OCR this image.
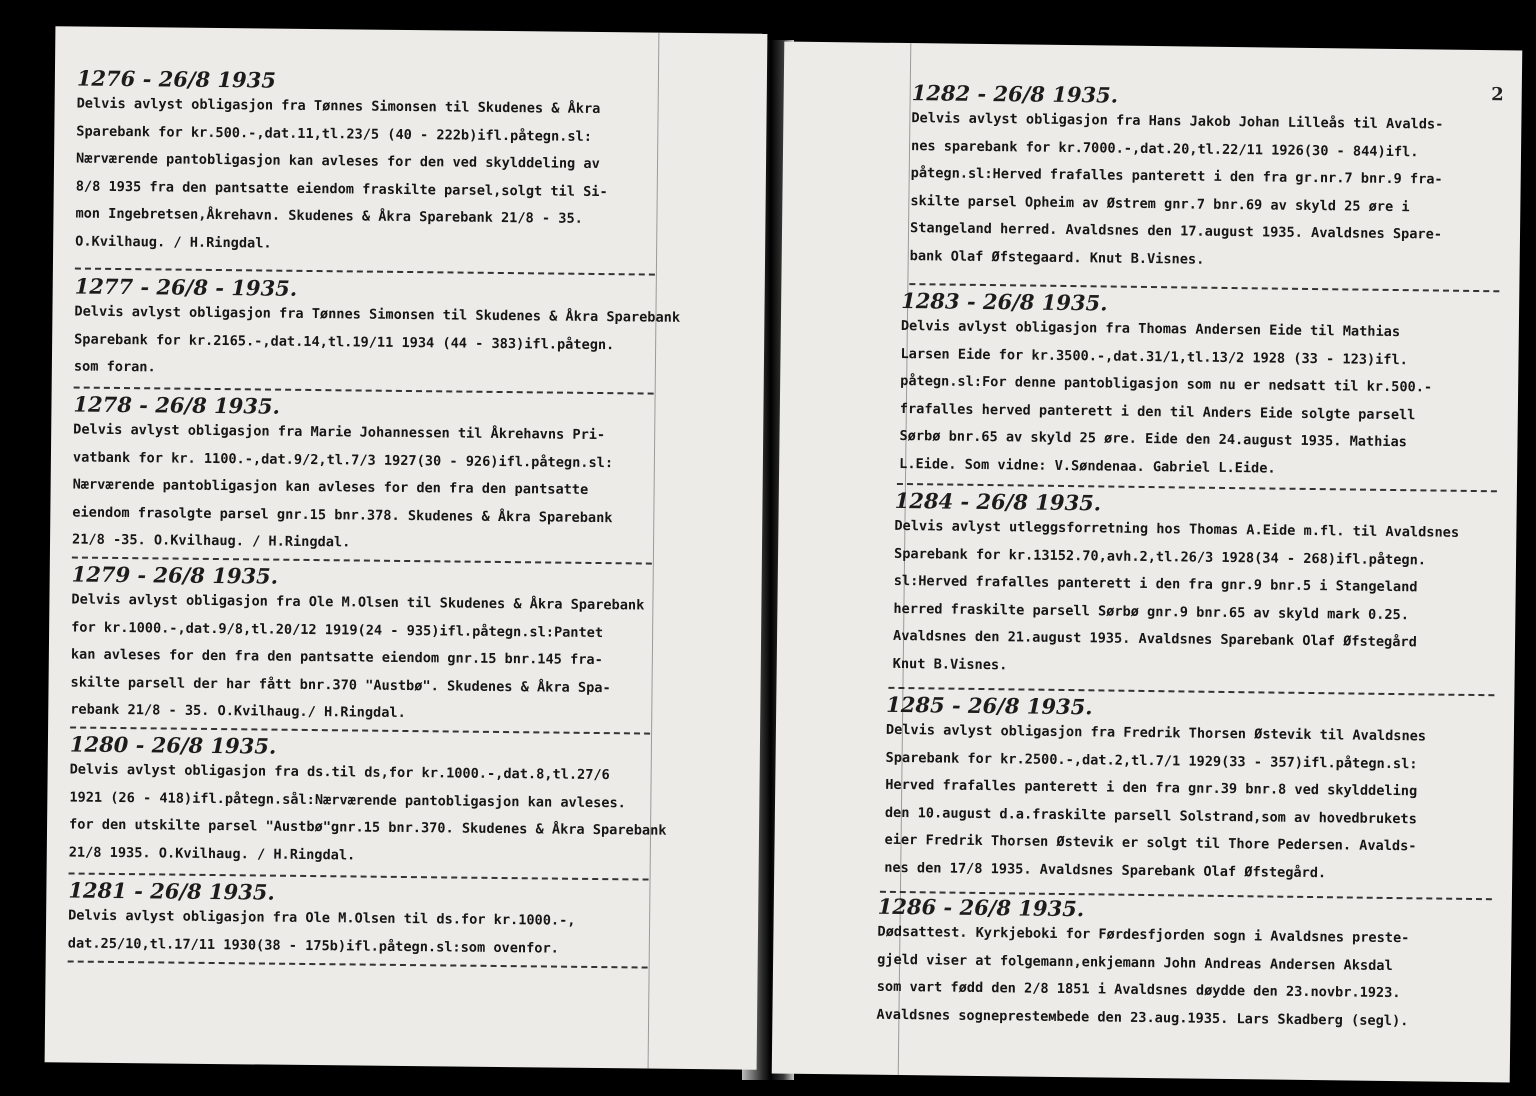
1276 - 26/8 1935
Delvis avlyst obligasjon fra Tønnes Simonsen til Skudenes & Åkra
Sparebank for kr.500.-,dat.11,tl.23/5 (40 - 222b)ifl.påtegn.sl:
Nærværende pantobligasjon kan avleses for den ved skylddeling av
8/8 1935 fra den pantsatte eiendom fraskilte parsel,solgt til Si-
mon Ingebretsen,Åkrehavn. Skudenes & Åkra Sparebank 21/8 - 35.
O.Kvilhaug. / H.Ringdal.
1277 - 26/8 - 1935.
Delvis avlyst obligasjon fra Tønnes Simonsen til Skudenes & Åkra Sparebank
Sparebank for kr.2165.-,dat.14,tl.19/11 1934 (44 - 383)ifl.påtegn.
som foran.
1278 - 26/8 1935.
Delvis avlyst obligasjon fra Marie Johannessen til Åkrehavns Pri-
vatbank for kr. 1100.-,dat.9/2,tl.7/3 1927(30 - 926)ifl.påtegn.sl:
Nærværende pantobligasjon kan avleses for den fra den pantsatte
eiendom frasolgte parsel gnr.15 bnr.378. Skudenes & Åkra Sparebank
21/8 -35. O.Kvilhaug. / H.Ringdal.
1279 - 26/8 1935.
Delvis avlyst obligasjon fra Ole M.Olsen til Skudenes & Åkra Sparebank
for kr.1000.-,dat.9/8,tl.20/12 1919(24 - 935)ifl.påtegn.sl:Pantet
kan avleses for den fra den pantsatte eiendom gnr.15 bnr.145 fra-
skilte parsell der har fått bnr.370 "Austbø". Skudenes & Åkra Spa-
rebank 21/8 - 35. O.Kvilhaug./ H.Ringdal.
1280 - 26/8 1935.
Delvis avlyst obligasjon fra ds.til ds,for kr.1000.-,dat.8,tl.27/6
1921 (26 - 418)ifl.påtegn.sål:Nærværende pantobligasjon kan avleses.
for den utskilte parsel "Austbø"gnr.15 bnr.370. Skudenes & Åkra Sparebank
21/8 1935. O.Kvilhaug. / H.Ringdal.
1281 - 26/8 1935.
Delvis avlyst obligasjon fra Ole M.Olsen til ds.for kr.1000.-,
dat.25/10,tl.17/11 1930(38 - 175b)ifl.påtegn.sl:som ovenfor.
2
1282 - 26/8 1935.
Delvis avlyst obligasjon fra Hans Jakob Johan Lilleås til Avalds-
nes sparebank for kr.7000.-,dat.20,tl.22/11 1926(30 - 844)ifl.
påtegn.sl:Herved frafalles panterett i den fra gr.nr.7 bnr.9 fra-
skilte parsel Opheim av Østrem gnr.7 bnr.69 av skyld 25 øre i
Stangeland herred. Avaldsnes den 17.august 1935. Avaldsnes Spare-
bank Olaf Øfstegaard. Knut B.Visnes.
1283 - 26/8 1935.
Delvis avlyst obligasjon fra Thomas Andersen Eide til Mathias
Larsen Eide for kr.3500.-,dat.31/1,tl.13/2 1928 (33 - 123)ifl.
påtegn.sl:For denne pantobligasjon som nu er nedsatt til kr.500.-
frafalles herved panterett i den til Anders Eide solgte parsell
Sørbø bnr.65 av skyld 25 øre. Eide den 24.august 1935. Mathias
L.Eide. Som vidne: V.Søndenaa. Gabriel L.Eide.
1284 - 26/8 1935.
Delvis avlyst utleggsforretning hos Thomas A.Eide m.fl. til Avaldsnes
Sparebank for kr.13152.70,avh.2,tl.26/3 1928(34 - 268)ifl.påtegn.
sl:Herved frafalles panterett i den fra gnr.9 bnr.5 i Stangeland
herred fraskilte parsell Sørbø gnr.9 bnr.65 av skyld mark 0.25.
Avaldsnes den 21.august 1935. Avaldsnes Sparebank Olaf Øfstegård
Knut B.Visnes.
1285 - 26/8 1935.
Delvis avlyst obligasjon fra Fredrik Thorsen Østevik til Avaldsnes
Sparebank for kr.2500.-,dat.2,tl.7/1 1929(33 - 357)ifl.påtegn.sl:
Herved frafalles panterett i den fra gnr.39 bnr.8 ved skylddeling
den 10.august d.a.fraskilte parsell Solstrand,som av hovedbrukets
eier Fredrik Thorsen Østevik er solgt til Thore Pedersen. Avalds-
nes den 17/8 1935. Avaldsnes Sparebank Olaf Øfstegård.
1286 - 26/8 1935.
Dødsattest. Kyrkjeboki for Førdesfjorden sogn i Avaldsnes preste-
gjeld viser at folgemann,enkjemann John Andreas Andersen Aksdal
som vart fødd den 2/8 1851 i Avaldsnes døydde den 23.novbr.1923.
Avaldsnes sognepresteмbede den 23.aug.1935. Lars Skadberg (segl).
